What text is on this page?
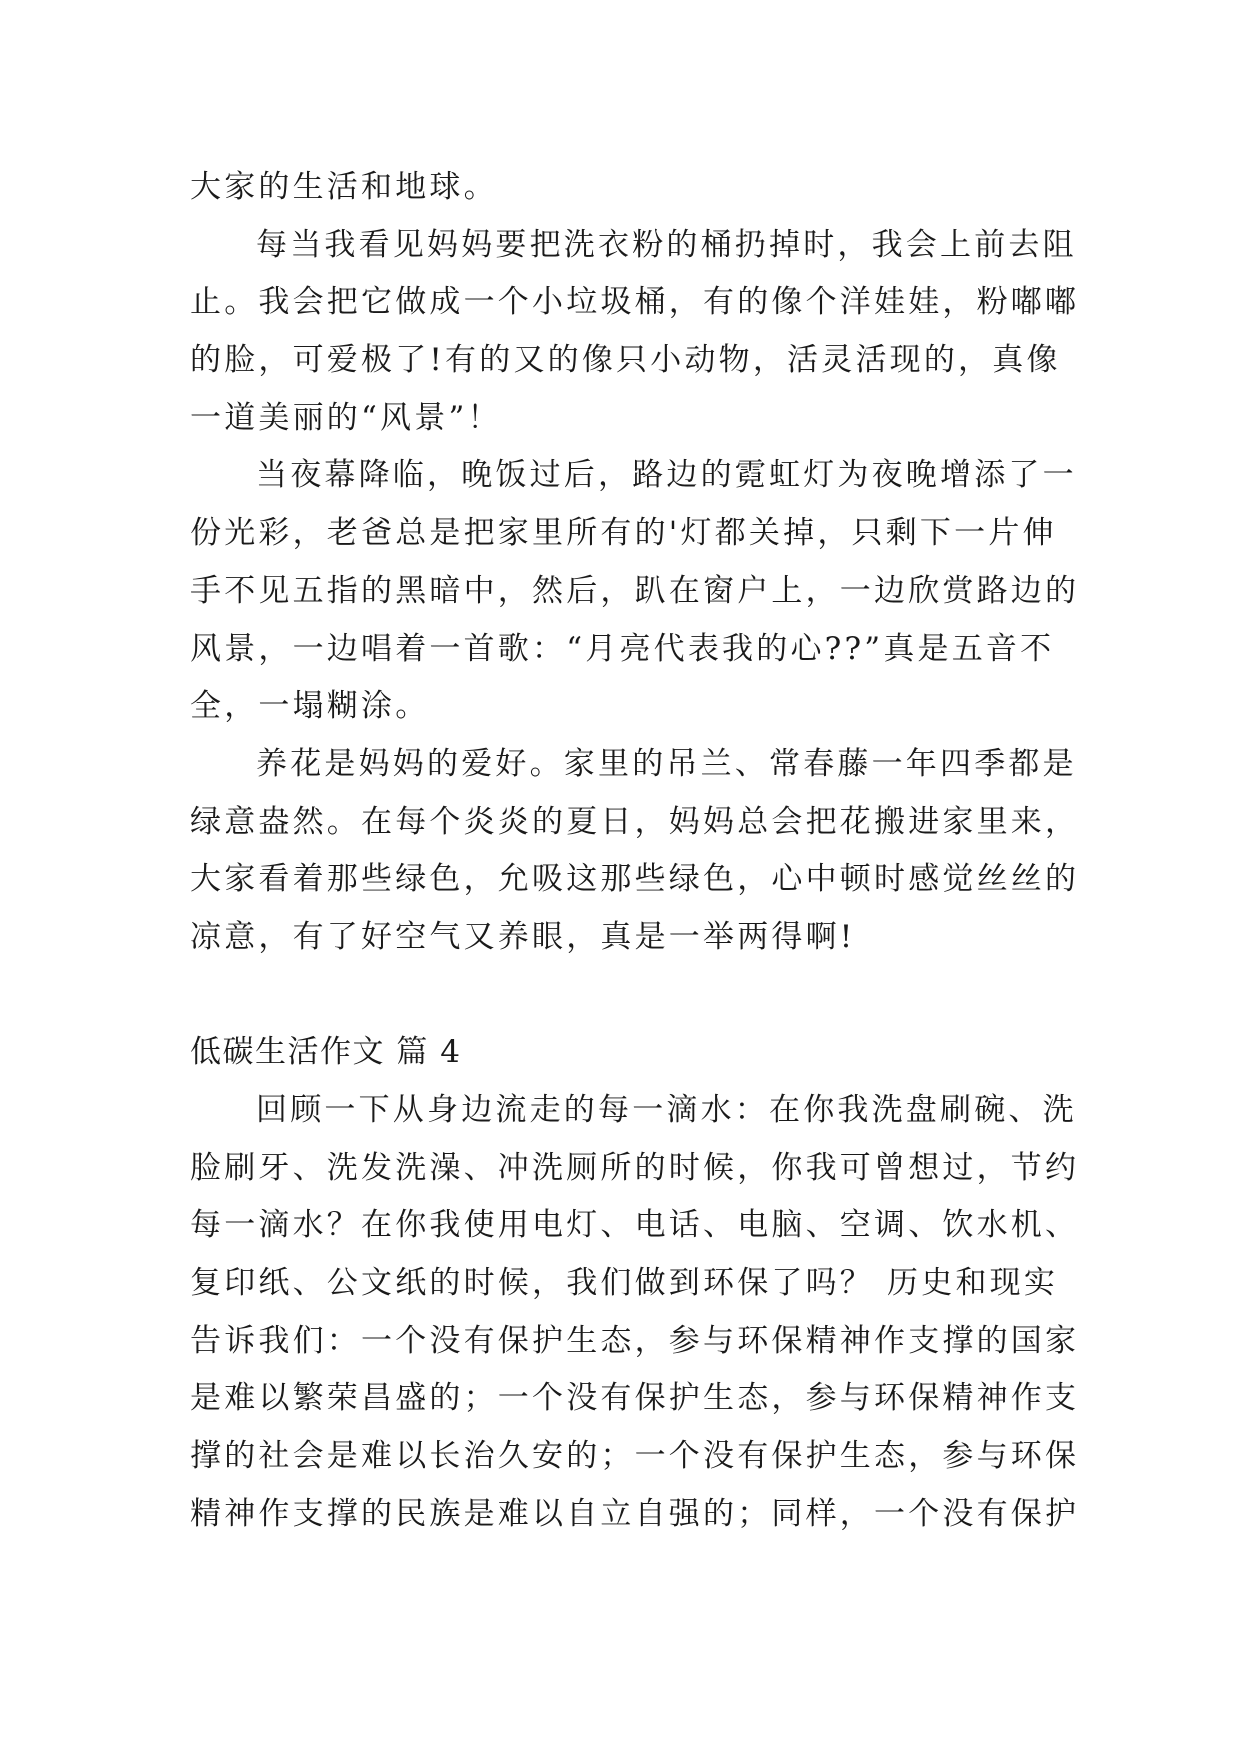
大家的生活和地球。
每当我看见妈妈要把洗衣粉的桶扔掉时，我会上前去阻
止。我会把它做成一个小垃圾桶，有的像个洋娃娃，粉嘟嘟
的脸，可爱极了!有的又的像只小动物，活灵活现的，真像
一道美丽的“风景”！
当夜幕降临，晚饭过后，路边的霓虹灯为夜晚增添了一
份光彩，老爸总是把家里所有的'灯都关掉，只剩下一片伸
手不见五指的黑暗中，然后，趴在窗户上，一边欣赏路边的
风景，一边唱着一首歌：“月亮代表我的心??”真是五音不
全，一塌糊涂。
养花是妈妈的爱好。家里的吊兰、常春藤一年四季都是
绿意盎然。在每个炎炎的夏日，妈妈总会把花搬进家里来，
大家看着那些绿色，允吸这那些绿色，心中顿时感觉丝丝的
凉意，有了好空气又养眼，真是一举两得啊!
低碳生活作文 篇 4
回顾一下从身边流走的每一滴水：在你我洗盘刷碗、洗
脸刷牙、洗发洗澡、冲洗厕所的时候，你我可曾想过，节约
每一滴水？在你我使用电灯、电话、电脑、空调、饮水机、
复印纸、公文纸的时候，我们做到环保了吗？ 历史和现实
告诉我们：一个没有保护生态，参与环保精神作支撑的国家
是难以繁荣昌盛的；一个没有保护生态，参与环保精神作支
撑的社会是难以长治久安的；一个没有保护生态，参与环保
精神作支撑的民族是难以自立自强的；同样，一个没有保护
